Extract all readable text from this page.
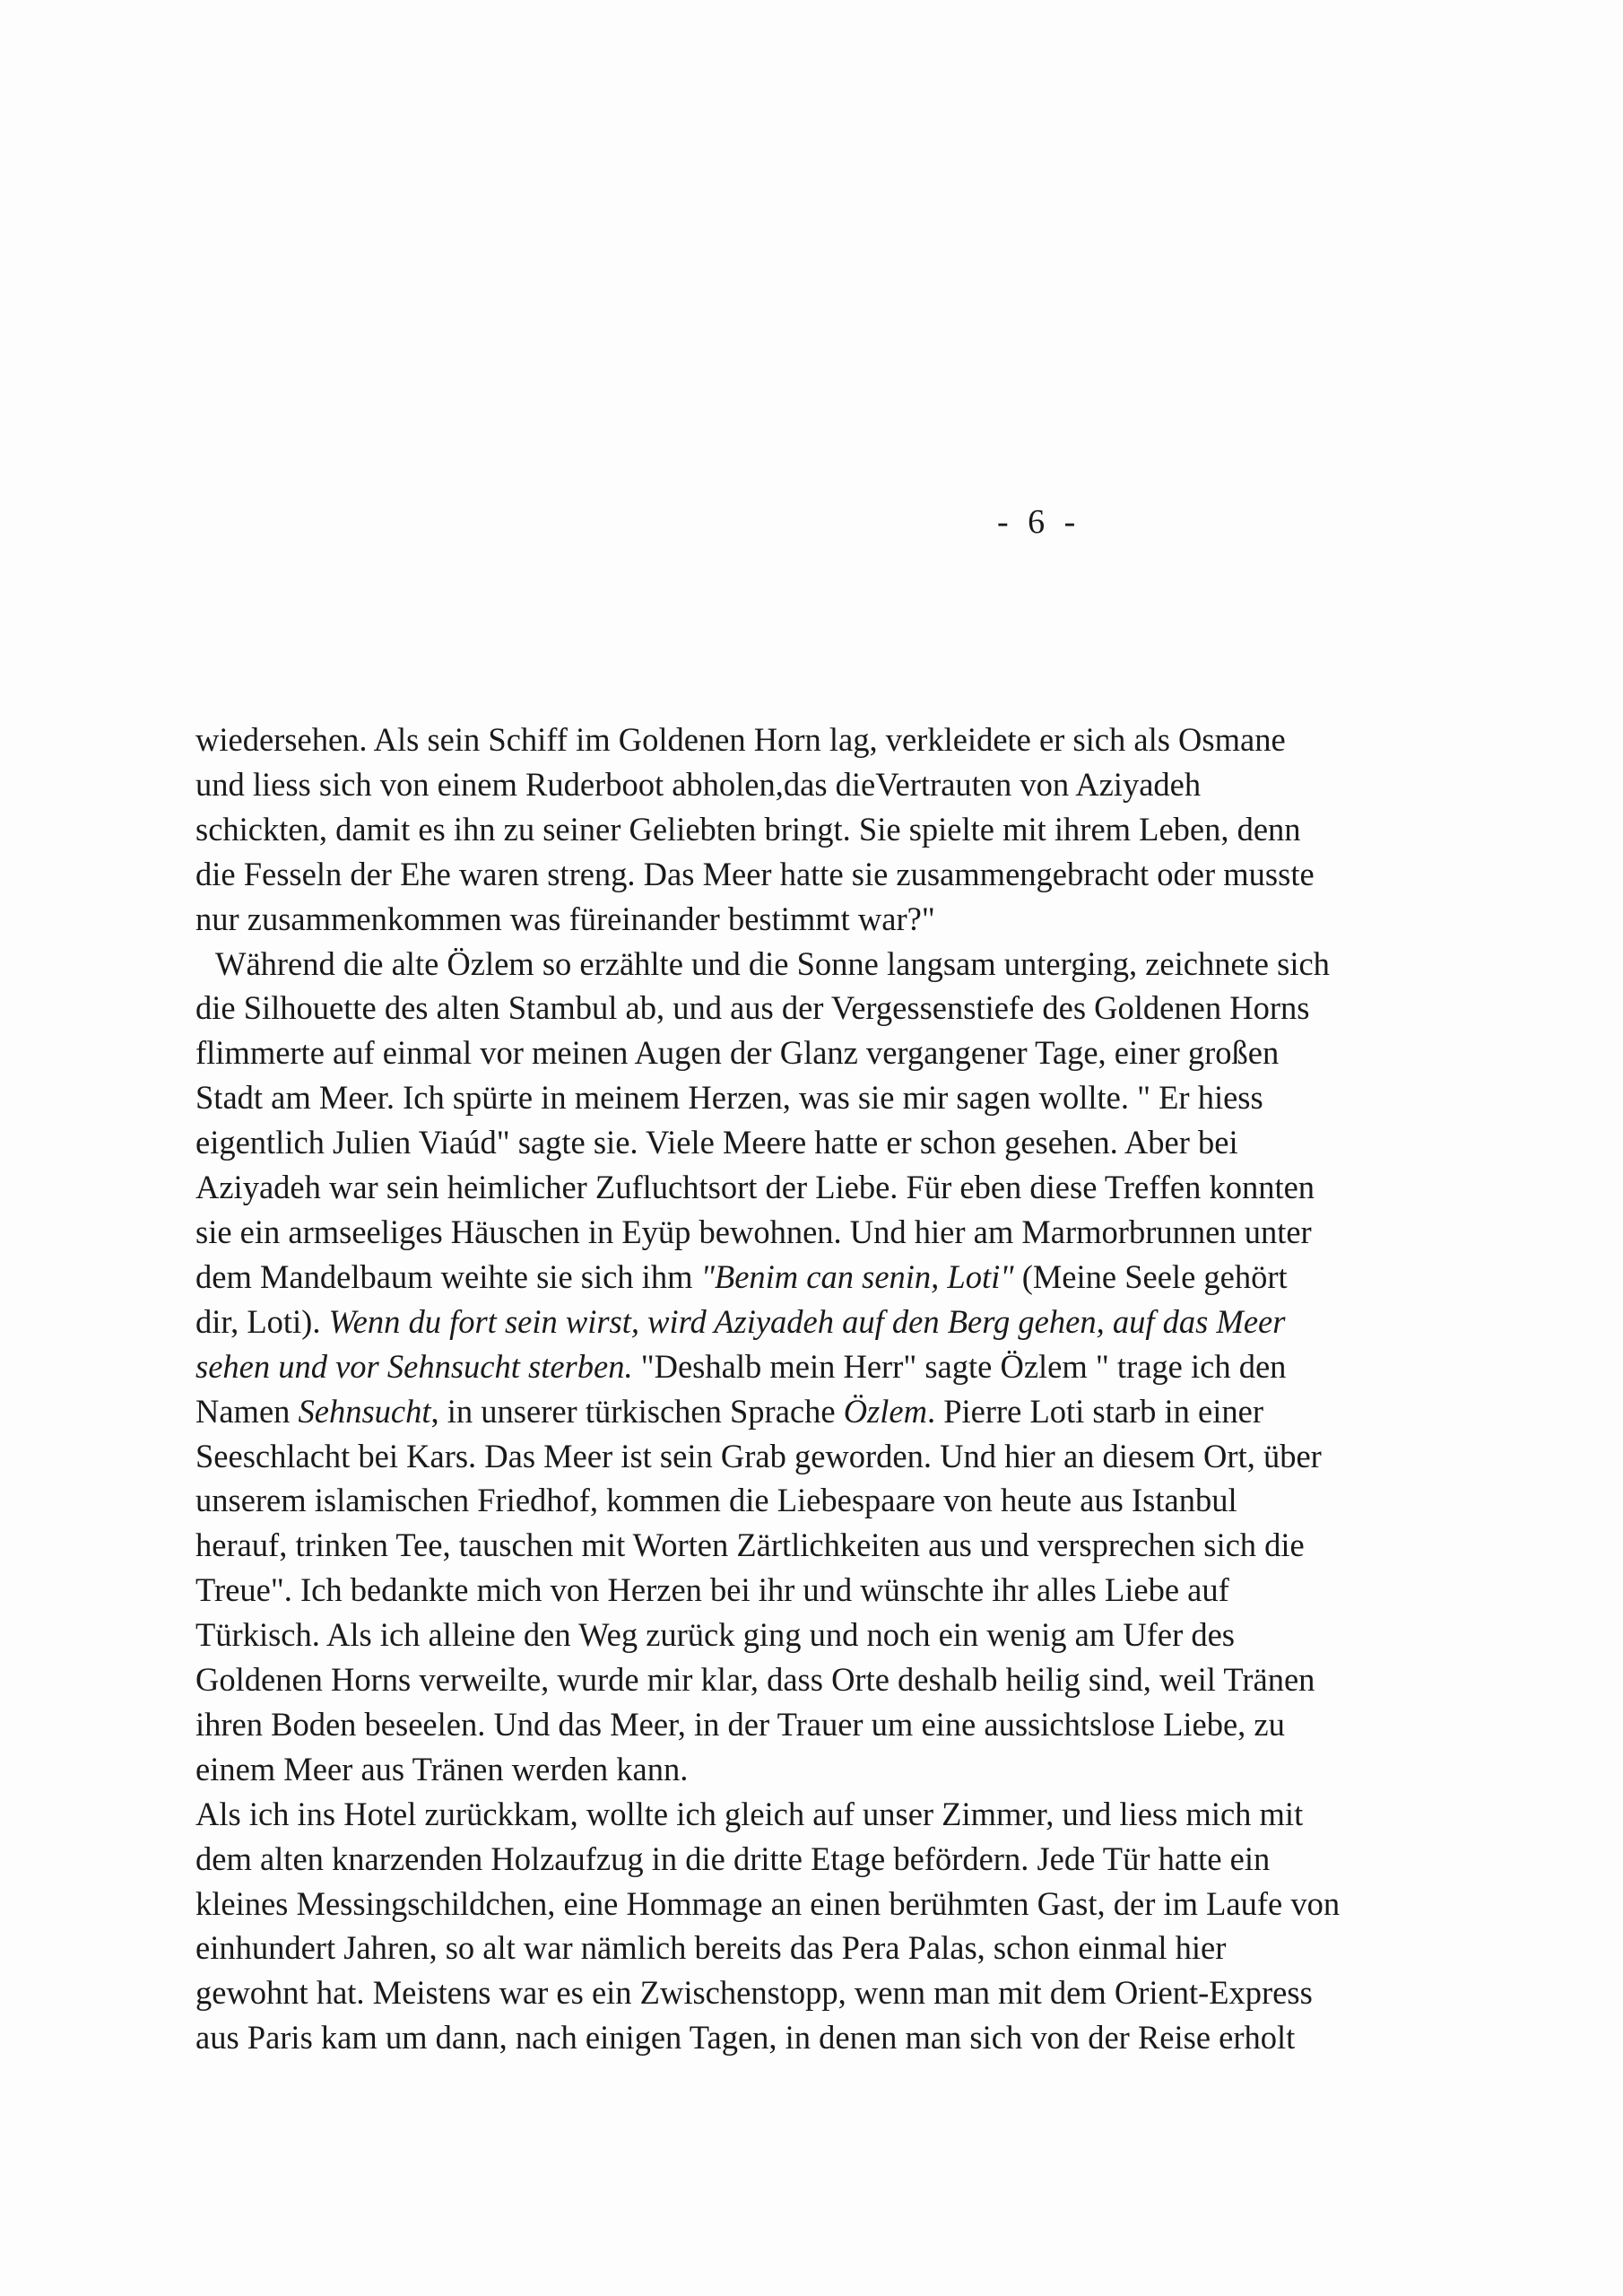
- 6 -
wiedersehen. Als sein Schiff im Goldenen Horn lag, verkleidete er sich als Osmane
und liess sich von einem Ruderboot abholen,das dieVertrauten von Aziyadeh
schickten, damit es ihn zu seiner Geliebten bringt. Sie spielte mit ihrem Leben, denn
die Fesseln der Ehe waren streng. Das Meer hatte sie zusammengebracht oder musste
nur zusammenkommen was füreinander bestimmt war?"
Während die alte Özlem so erzählte und die Sonne langsam unterging, zeichnete sich
die Silhouette des alten Stambul ab, und aus der Vergessenstiefe des Goldenen Horns
flimmerte auf einmal vor meinen Augen der Glanz vergangener Tage, einer großen
Stadt am Meer. Ich spürte in meinem Herzen, was sie mir sagen wollte. " Er hiess
eigentlich Julien Viaúd" sagte sie. Viele Meere hatte er schon gesehen. Aber bei
Aziyadeh war sein heimlicher Zufluchtsort der Liebe. Für eben diese Treffen konnten
sie ein armseeliges Häuschen in Eyüp bewohnen. Und hier am Marmorbrunnen unter
dem Mandelbaum weihte sie sich ihm "Benim can senin, Loti" (Meine Seele gehört
dir, Loti). Wenn du fort sein wirst, wird Aziyadeh auf den Berg gehen, auf das Meer
sehen und vor Sehnsucht sterben. "Deshalb mein Herr" sagte Özlem " trage ich den
Namen Sehnsucht, in unserer türkischen Sprache Özlem. Pierre Loti starb in einer
Seeschlacht bei Kars. Das Meer ist sein Grab geworden. Und hier an diesem Ort, über
unserem islamischen Friedhof, kommen die Liebespaare von heute aus Istanbul
herauf, trinken Tee, tauschen mit Worten Zärtlichkeiten aus und versprechen sich die
Treue". Ich bedankte mich von Herzen bei ihr und wünschte ihr alles Liebe auf
Türkisch. Als ich alleine den Weg zurück ging und noch ein wenig am Ufer des
Goldenen Horns verweilte, wurde mir klar, dass Orte deshalb heilig sind, weil Tränen
ihren Boden beseelen. Und das Meer, in der Trauer um eine aussichtslose Liebe, zu
einem Meer aus Tränen werden kann.
Als ich ins Hotel zurückkam, wollte ich gleich auf unser Zimmer, und liess mich mit
dem alten knarzenden Holzaufzug in die dritte Etage befördern. Jede Tür hatte ein
kleines Messingschildchen, eine Hommage an einen berühmten Gast, der im Laufe von
einhundert Jahren, so alt war nämlich bereits das Pera Palas, schon einmal hier
gewohnt hat. Meistens war es ein Zwischenstopp, wenn man mit dem Orient-Express
aus Paris kam um dann, nach einigen Tagen, in denen man sich von der Reise erholt
